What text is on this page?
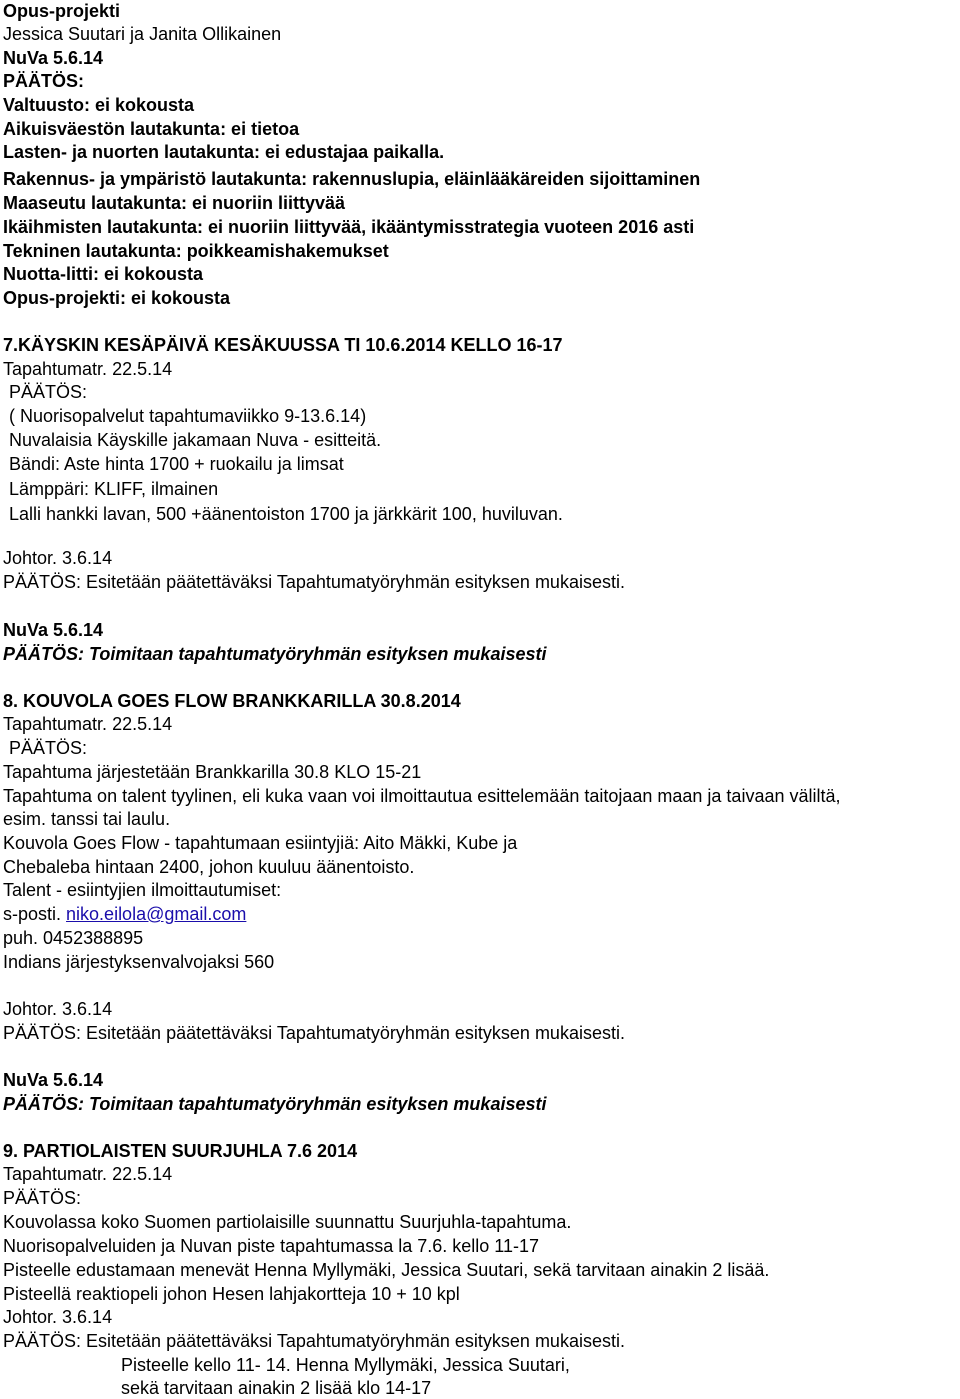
Opus-projekti
Jessica Suutari ja Janita Ollikainen
NuVa 5.6.14
PÄÄTÖS:
Valtuusto: ei kokousta
Aikuisväestön lautakunta: ei tietoa
Lasten- ja nuorten lautakunta: ei edustajaa paikalla.
Rakennus- ja ympäristö lautakunta: rakennuslupia, eläinlääkäreiden sijoittaminen
Maaseutu lautakunta: ei nuoriin liittyvää
Ikäihmisten lautakunta: ei nuoriin liittyvää, ikääntymisstrategia vuoteen 2016 asti
Tekninen lautakunta: poikkeamishakemukset
Nuotta-litti: ei kokousta
Opus-projekti: ei kokousta
7.KÄYSKIN KESÄPÄIVÄ KESÄKUUSSA TI 10.6.2014 KELLO 16-17
Tapahtumatr. 22.5.14
PÄÄTÖS:
( Nuorisopalvelut tapahtumaviikko 9-13.6.14)
Nuvalaisia Käyskille jakamaan Nuva - esitteitä.
Bändi: Aste hinta 1700 + ruokailu ja limsat
Lämppäri: KLIFF, ilmainen
Lalli hankki lavan, 500 +äänentoiston 1700 ja järkkärit 100, huviluvan.
Johtor. 3.6.14
PÄÄTÖS: Esitetään päätettäväksi Tapahtumatyöryhmän esityksen mukaisesti.
NuVa 5.6.14
PÄÄTÖS: Toimitaan tapahtumatyöryhmän esityksen mukaisesti
8. KOUVOLA GOES FLOW BRANKKARILLA 30.8.2014
Tapahtumatr. 22.5.14
PÄÄTÖS:
Tapahtuma järjestetään Brankkarilla 30.8 KLO 15-21
Tapahtuma on talent tyylinen, eli kuka vaan voi ilmoittautua esittelemään taitojaan maan ja taivaan väliltä,
esim. tanssi tai laulu.
Kouvola Goes Flow - tapahtumaan esiintyjiä: Aito Mäkki, Kube ja
Chebaleba hintaan 2400, johon kuuluu äänentoisto.
Talent - esiintyjien ilmoittautumiset:
s-posti. niko.eilola@gmail.com
puh. 0452388895
Indians järjestyksenvalvojaksi 560
Johtor. 3.6.14
PÄÄTÖS: Esitetään päätettäväksi Tapahtumatyöryhmän esityksen mukaisesti.
NuVa 5.6.14
PÄÄTÖS: Toimitaan tapahtumatyöryhmän esityksen mukaisesti
9. PARTIOLAISTEN SUURJUHLA 7.6 2014
Tapahtumatr. 22.5.14
PÄÄTÖS:
Kouvolassa koko Suomen partiolaisille suunnattu Suurjuhla-tapahtuma.
Nuorisopalveluiden ja Nuvan piste tapahtumassa la 7.6. kello 11-17
Pisteelle edustamaan menevät Henna Myllymäki, Jessica Suutari, sekä tarvitaan ainakin 2 lisää.
Pisteellä reaktiopeli johon Hesen lahjakortteja 10 + 10 kpl
Johtor. 3.6.14
PÄÄTÖS: Esitetään päätettäväksi Tapahtumatyöryhmän esityksen mukaisesti.
Pisteelle kello 11- 14. Henna Myllymäki, Jessica Suutari,
sekä tarvitaan ainakin 2 lisää klo 14-17
